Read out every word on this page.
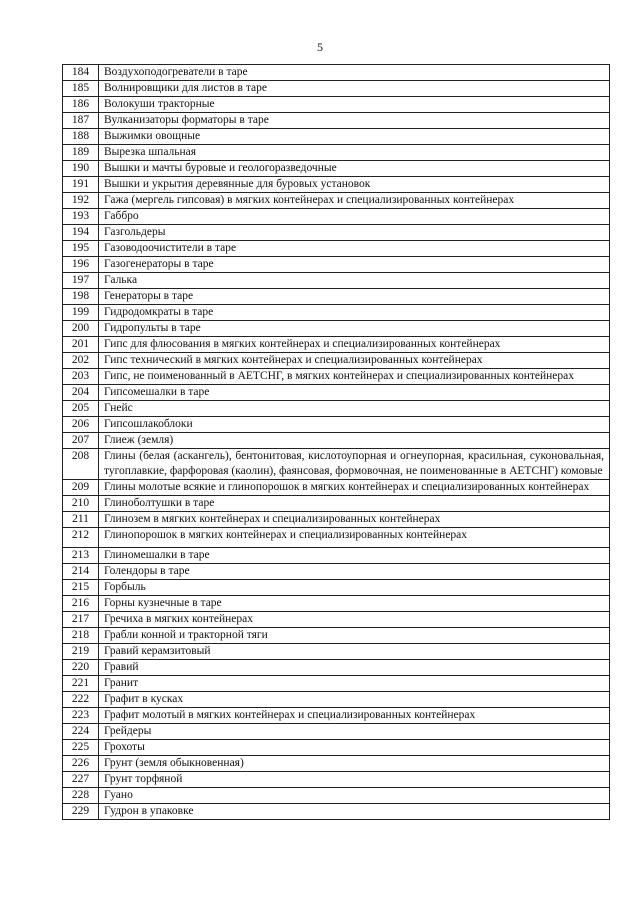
5
184	Воздухоподогреватели в таре
185	Волнировщики для листов в таре
186	Волокуши тракторные
187	Вулканизаторы форматоры в таре
188	Выжимки овощные
189	Вырезка шпальная
190	Вышки и мачты буровые и геологоразведочные
191	Вышки и укрытия деревянные для буровых установок
192	Гажа (мергель гипсовая) в мягких контейнерах и специализированных контейнерах
193	Габбро
194	Газгольдеры
195	Газоводоочистители в таре
196	Газогенераторы в таре
197	Галька
198	Генераторы в таре
199	Гидродомкраты в таре
200	Гидропульты в таре
201	Гипс для флюсования в мягких контейнерах и специализированных контейнерах
202	Гипс технический в мягких контейнерах и специализированных контейнерах
203	Гипс, не поименованный в АЕТСНГ, в мягких контейнерах и специализированных контейнерах
204	Гипсомешалки в таре
205	Гнейс
206	Гипсошлакоблоки
207	Глиеж (земля)
208	Глины (белая (аскангель), бентонитовая, кислотоупорная и огнеупорная, красильная, суконовальная, тугоплавкие, фарфоровая (каолин), фаянсовая, формовочная, не поименованные в АЕТСНГ) комовые
209	Глины молотые всякие и глинопорошок в мягких контейнерах и специализированных контейнерах
210	Глиноболтушки в таре
211	Глинозем в мягких контейнерах и специализированных контейнерах
212	Глинопорошок в мягких контейнерах и специализированных контейнерах
213	Глиномешалки в таре
214	Голендоры в таре
215	Горбыль
216	Горны кузнечные в таре
217	Гречиха в мягких контейнерах
218	Грабли конной и тракторной тяги
219	Гравий керамзитовый
220	Гравий
221	Гранит
222	Графит в кусках
223	Графит молотый в мягких контейнерах и специализированных контейнерах
224	Грейдеры
225	Грохоты
226	Грунт (земля обыкновенная)
227	Грунт торфяной
228	Гуано
229	Гудрон в упаковке
